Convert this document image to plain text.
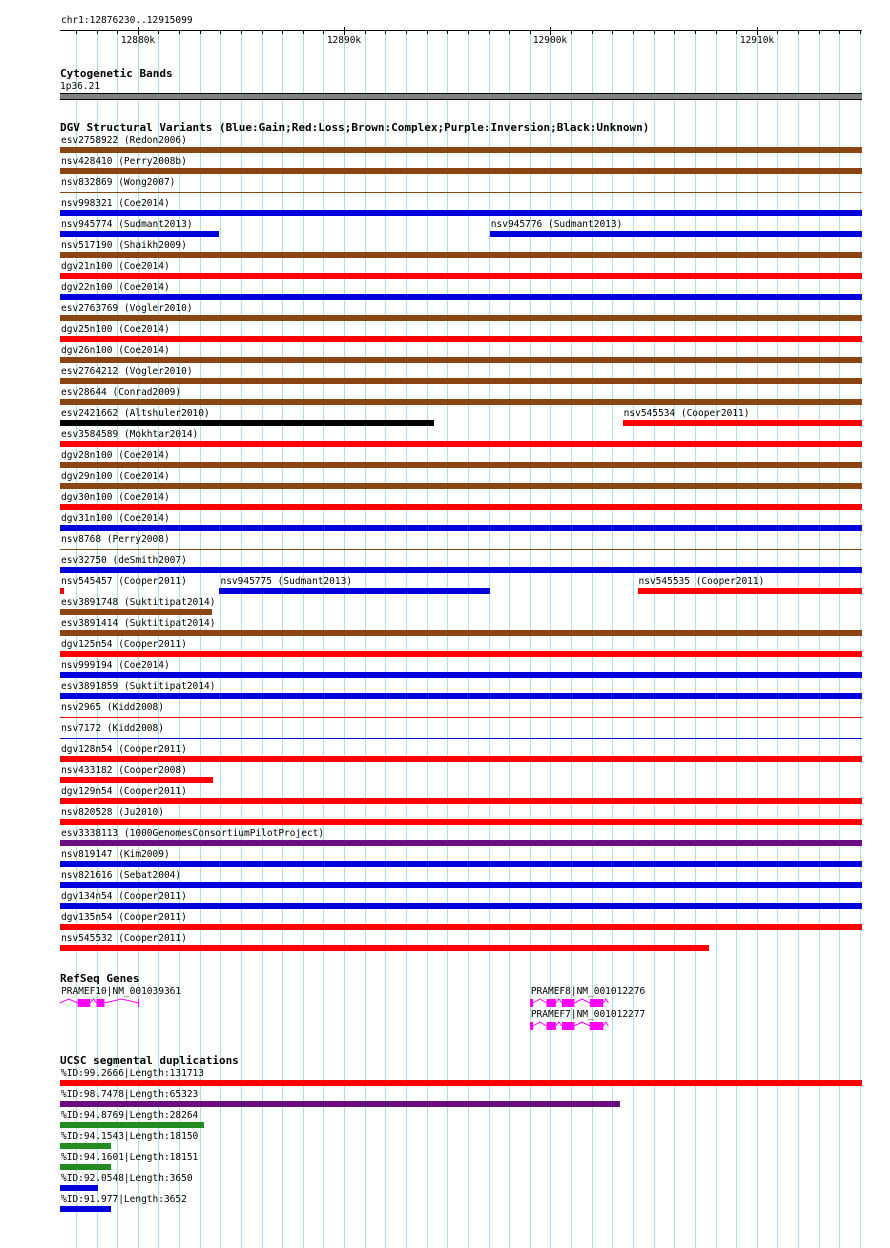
chr1:12876230..12915099
12880k	12890k	12900k	12910k
Cytogenetic Bands
1p36.21
DGV Structural Variants (Blue:Gain;Red:Loss;Brown:Complex;Purple:Inversion;Black:Unknown)
esv2758922 (Redon2006)
nsv428410 (Perry2008b)
nsv832869 (Wong2007)
nsv998321 (Coe2014)
nsv945774 (Sudmant2013)	nsv945776 (Sudmant2013)
nsv517190 (Shaikh2009)
dgv21n100 (Coe2014)
dgv22n100 (Coe2014)
esv2763769 (Vogler2010)
dgv25n100 (Coe2014)
dgv26n100 (Coe2014)
esv2764212 (Vogler2010)
esv28644 (Conrad2009)
esv2421662 (Altshuler2010)	nsv545534 (Cooper2011)
esv3584589 (Mokhtar2014)
dgv28n100 (Coe2014)
dgv29n100 (Coe2014)
dgv30n100 (Coe2014)
dgv31n100 (Coe2014)
nsv8768 (Perry2008)
esv32750 (deSmith2007)
nsv545457 (Cooper2011)	nsv945775 (Sudmant2013)	nsv545535 (Cooper2011)
esv3891748 (Suktitipat2014)
esv3891414 (Suktitipat2014)
dgv125n54 (Cooper2011)
nsv999194 (Coe2014)
esv3891859 (Suktitipat2014)
nsv2965 (Kidd2008)
nsv7172 (Kidd2008)
dgv128n54 (Cooper2011)
nsv433182 (Cooper2008)
dgv129n54 (Cooper2011)
nsv820528 (Ju2010)
esv3338113 (1000GenomesConsortiumPilotProject)
nsv819147 (Kim2009)
nsv821616 (Sebat2004)
dgv134n54 (Cooper2011)
dgv135n54 (Cooper2011)
nsv545532 (Cooper2011)
RefSeq Genes
PRAMEF10|NM_001039361	PRAMEF8|NM_001012276
PRAMEF7|NM_001012277
UCSC segmental duplications
%ID:99.2666|Length:131713
%ID:98.7478|Length:65323
%ID:94.8769|Length:28264
%ID:94.1543|Length:18150
%ID:94.1601|Length:18151
%ID:92.0548|Length:3650
%ID:91.977|Length:3652
